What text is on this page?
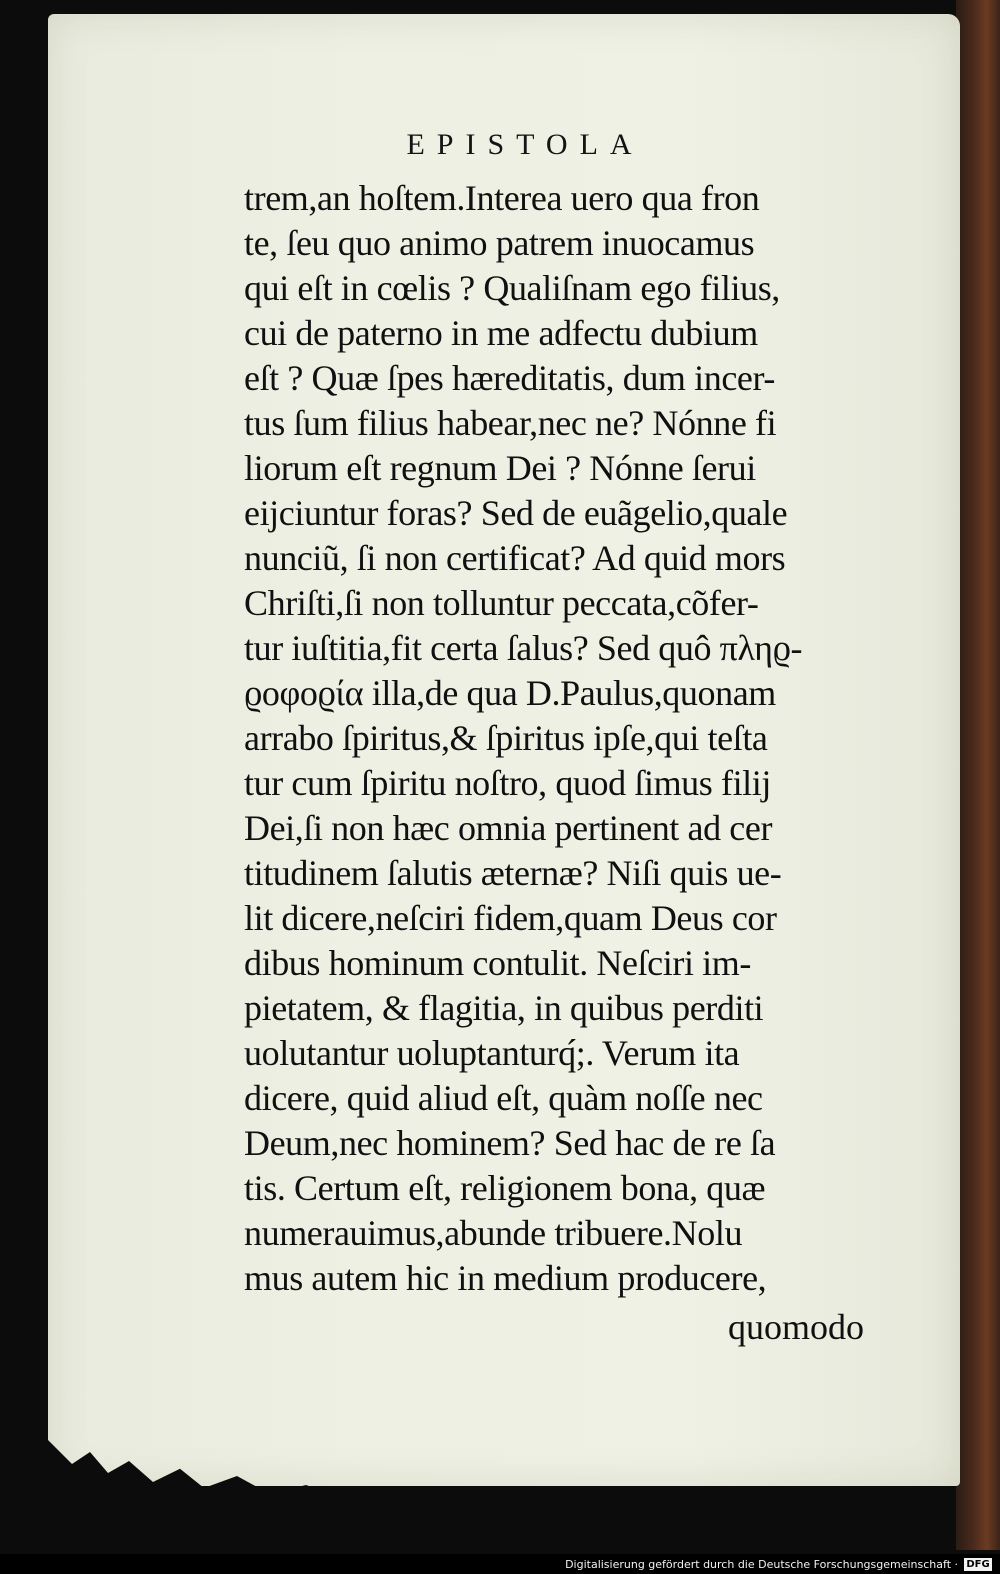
EPISTOLA
trem,an hoſtem.Interea uero qua fron
te, ſeu quo animo patrem inuocamus
qui eſt in cœlis ? Qualiſnam ego filius,
cui de paterno in me adfectu dubium
eſt ? Quæ ſpes hæreditatis, dum incer-
tus ſum filius habear,nec ne? Nónne fi
liorum eſt regnum Dei ? Nónne ſerui
eijciuntur foras? Sed de euãgelio,quale
nunciũ, ſi non certificat? Ad quid mors
Chriſti,ſi non tolluntur peccata,cõfer-
tur iuſtitia,fit certa ſalus? Sed quô πληϱ-
ϱοφοϱία illa,de qua D.Paulus,quonam
arrabo ſpiritus,& ſpiritus ipſe,qui teſta
tur cum ſpiritu noſtro, quod ſimus filij
Dei,ſi non hæc omnia pertinent ad cer
titudinem ſalutis æternæ? Niſi quis ue-
lit dicere,neſciri fidem,quam Deus cor
dibus hominum contulit. Neſciri im-
pietatem, & flagitia, in quibus perditi
uolutantur uoluptanturq́;. Verum ita
dicere, quid aliud eſt, quàm noſſe nec
Deum,nec hominem? Sed hac de re ſa
tis. Certum eſt, religionem bona, quæ
numerauimus,abunde tribuere.Nolu
mus autem hic in medium producere,
quomodo
Digitalisierung gefördert durch die Deutsche Forschungsgemeinschaft · DFG
